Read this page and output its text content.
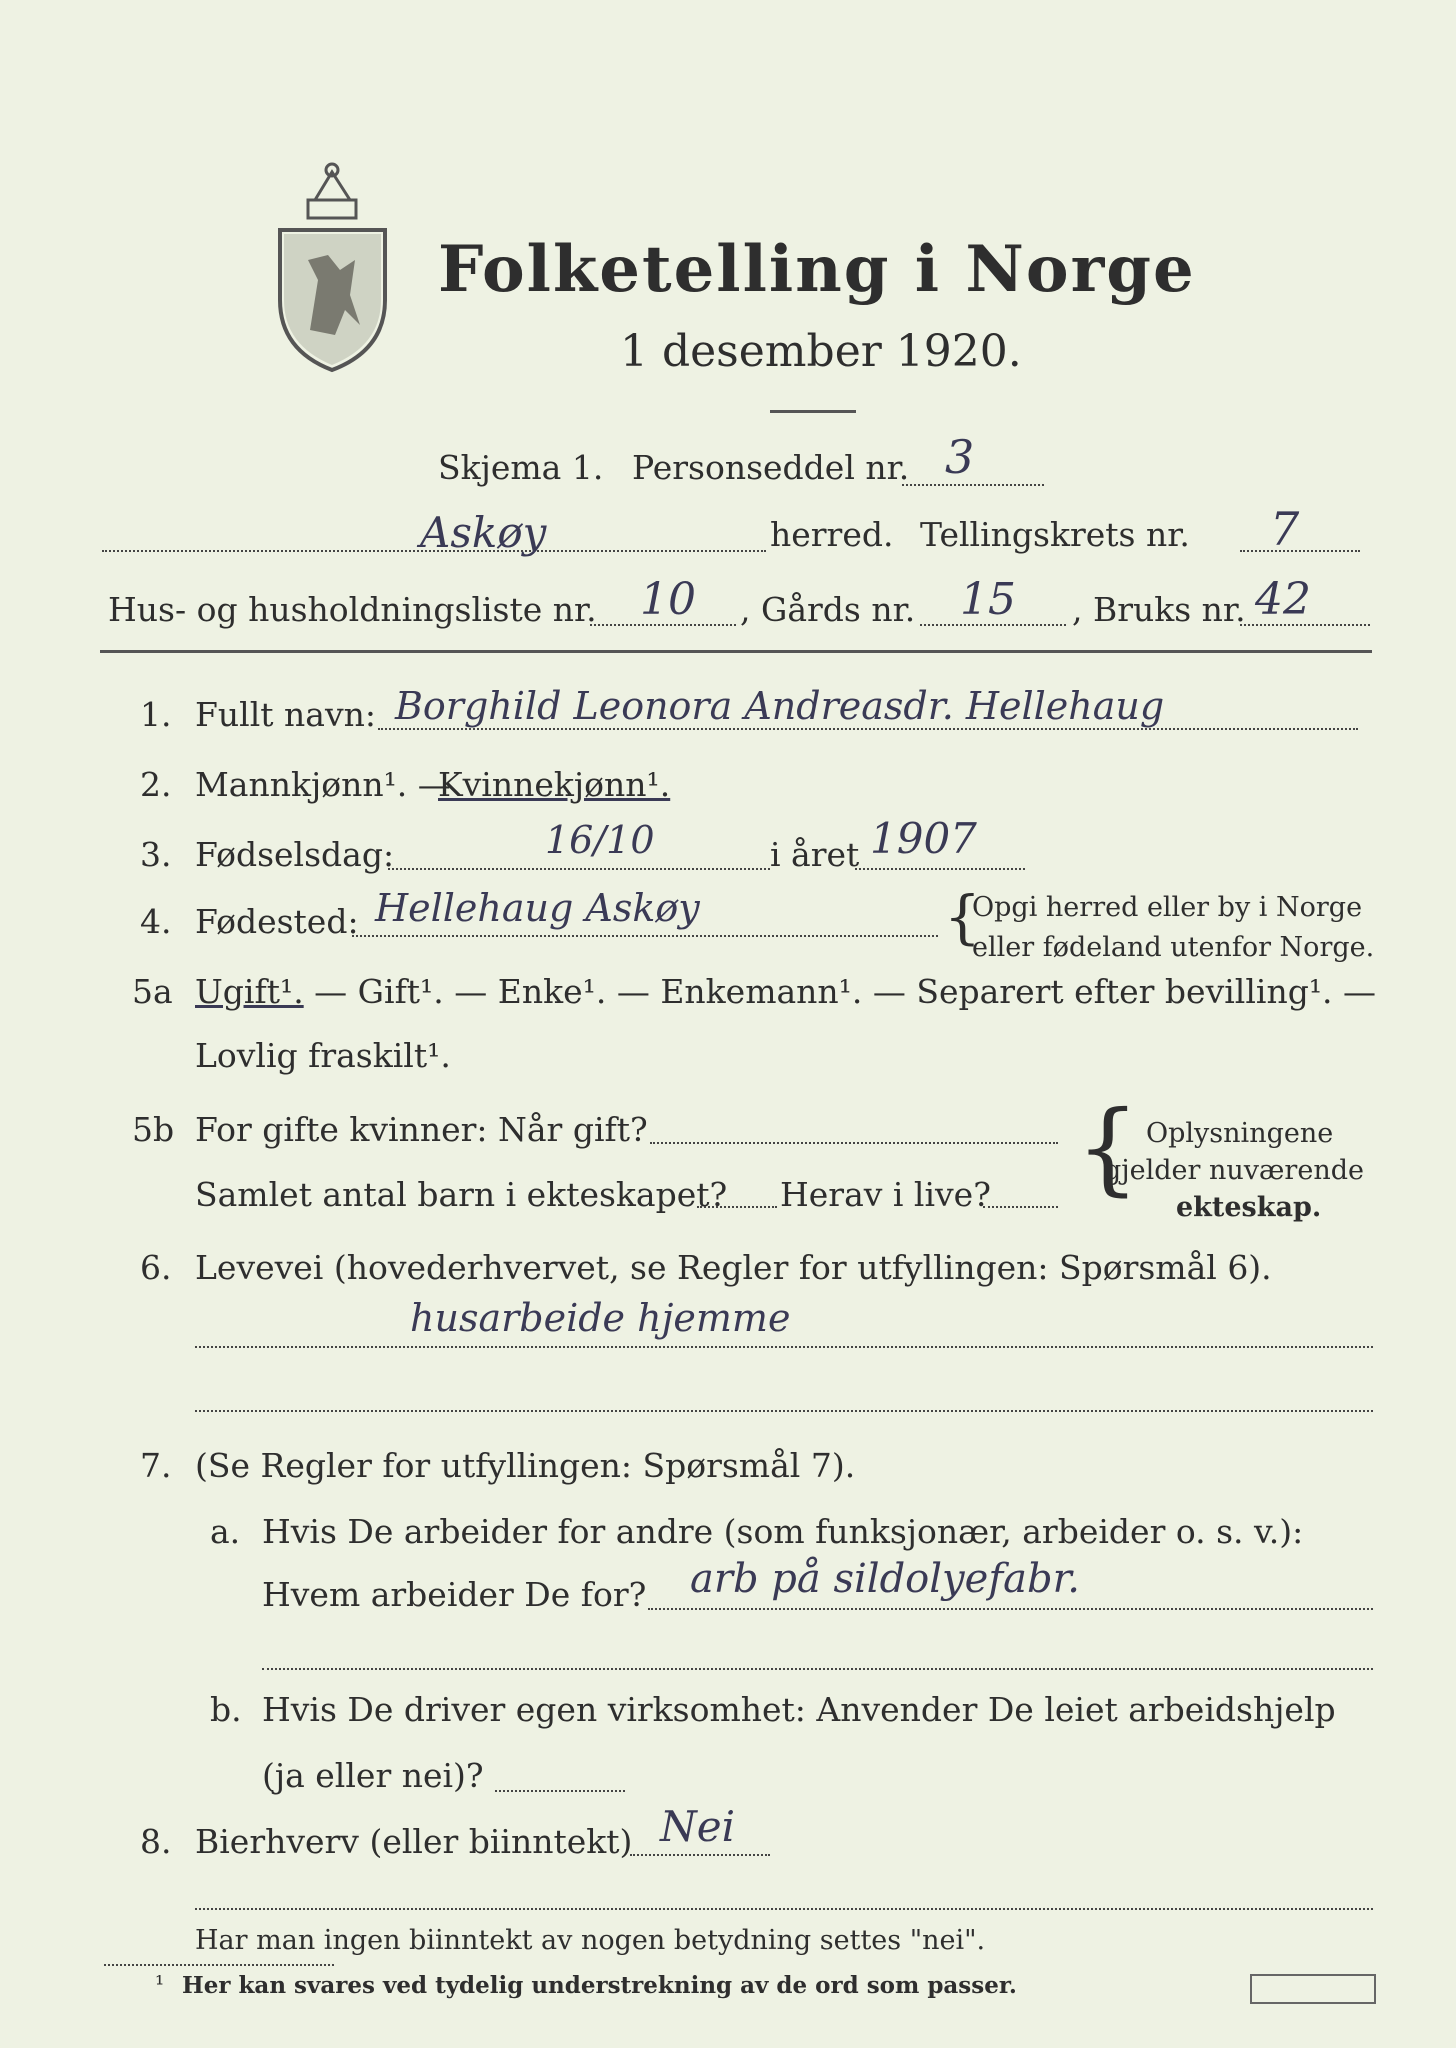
Folketelling i Norge
1 desember 1920.
Skjema 1. Personseddel nr. 3
Askøy	herred. Tellingskrets nr. 7
Hus- og husholdningsliste nr. 10 , Gårds nr. 15 , Bruks nr. 42
1. Fullt navn: Borghild Leonora Andreasdr. Hellehaug
2. Mannkjønn¹. —
Kvinnekjønn¹.
3. Fødselsdag:	16/10	i året 1907
4. Fødested: Hellehaug Askøy	{
Opgi herred eller by i Norge
eller fødeland utenfor Norge.
5a Ugift¹. — Gift¹. — Enke¹. — Enkemann¹. — Separert efter bevilling¹. —
Lovlig fraskilt¹.
5b For gifte kvinner: Når gift?
Samlet antal barn i ekteskapet? Herav i live? { Oplysningene
gjelder nuværende
ekteskap.
6. Levevei (hovederhvervet, se Regler for utfyllingen: Spørsmål 6).
husarbeide hjemme
7. (Se Regler for utfyllingen: Spørsmål 7).
a. Hvis De arbeider for andre (som funksjonær, arbeider o. s. v.):
Hvem arbeider De for? arb på sildolyefabr.
b. Hvis De driver egen virksomhet: Anvender De leiet arbeidshjelp
(ja eller nei)?
8. Bierhverv (eller biinntekt) Nei
Har man ingen biinntekt av nogen betydning settes "nei".
¹ Her kan svares ved tydelig understrekning av de ord som passer.
